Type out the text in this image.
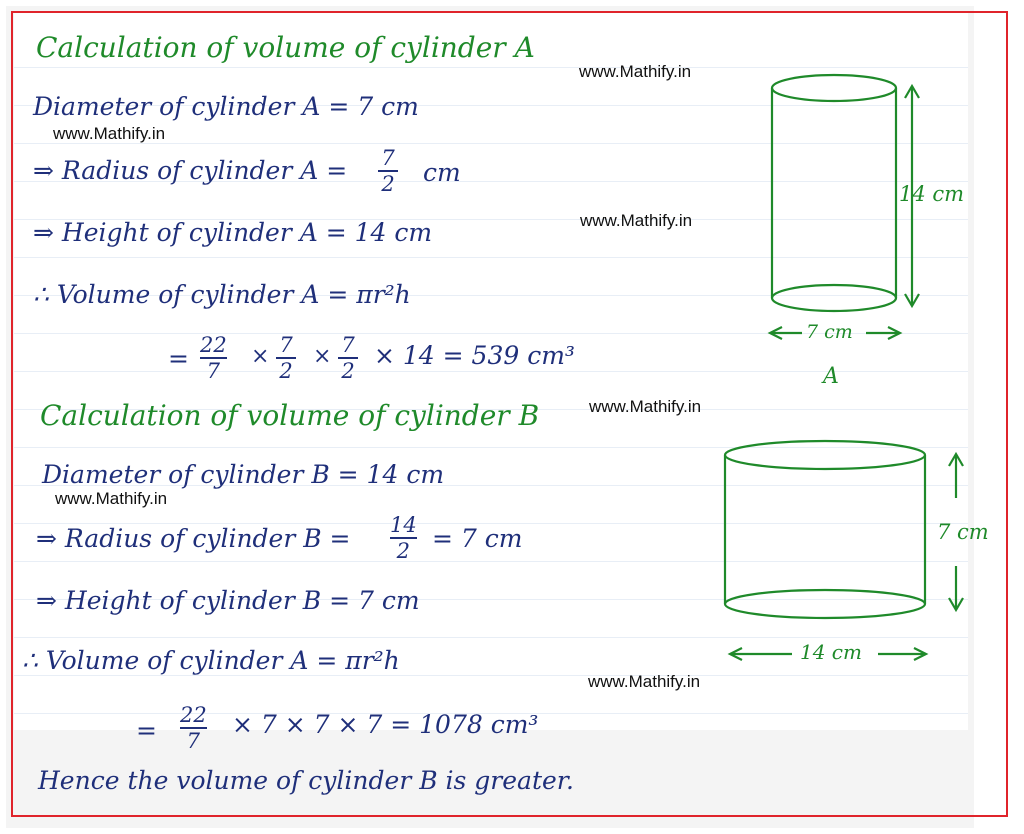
Calculation of volume of cylinder A
www.Mathify.in
Diameter of cylinder A = 7 cm
www.Mathify.in
⇒ Radius of cylinder A = 7
2 cm
www.Mathify.in
⇒ Height of cylinder A = 14 cm
∴ Volume of cylinder A = πr²h
= 22
7
× 7
2
× 7
2
× 14 = 539 cm³
Calculation of volume of cylinder B	www.Mathify.in
Diameter of cylinder B = 14 cm
www.Mathify.in
⇒ Radius of cylinder B = 14
2 = 7 cm
⇒ Height of cylinder B = 7 cm
∴ Volume of cylinder A = πr²h
www.Mathify.in
=
22
7
× 7 × 7 × 7 = 1078 cm³
Hence the volume of cylinder B is greater.
14 cm
7 cm
A
7 cm
14 cm
